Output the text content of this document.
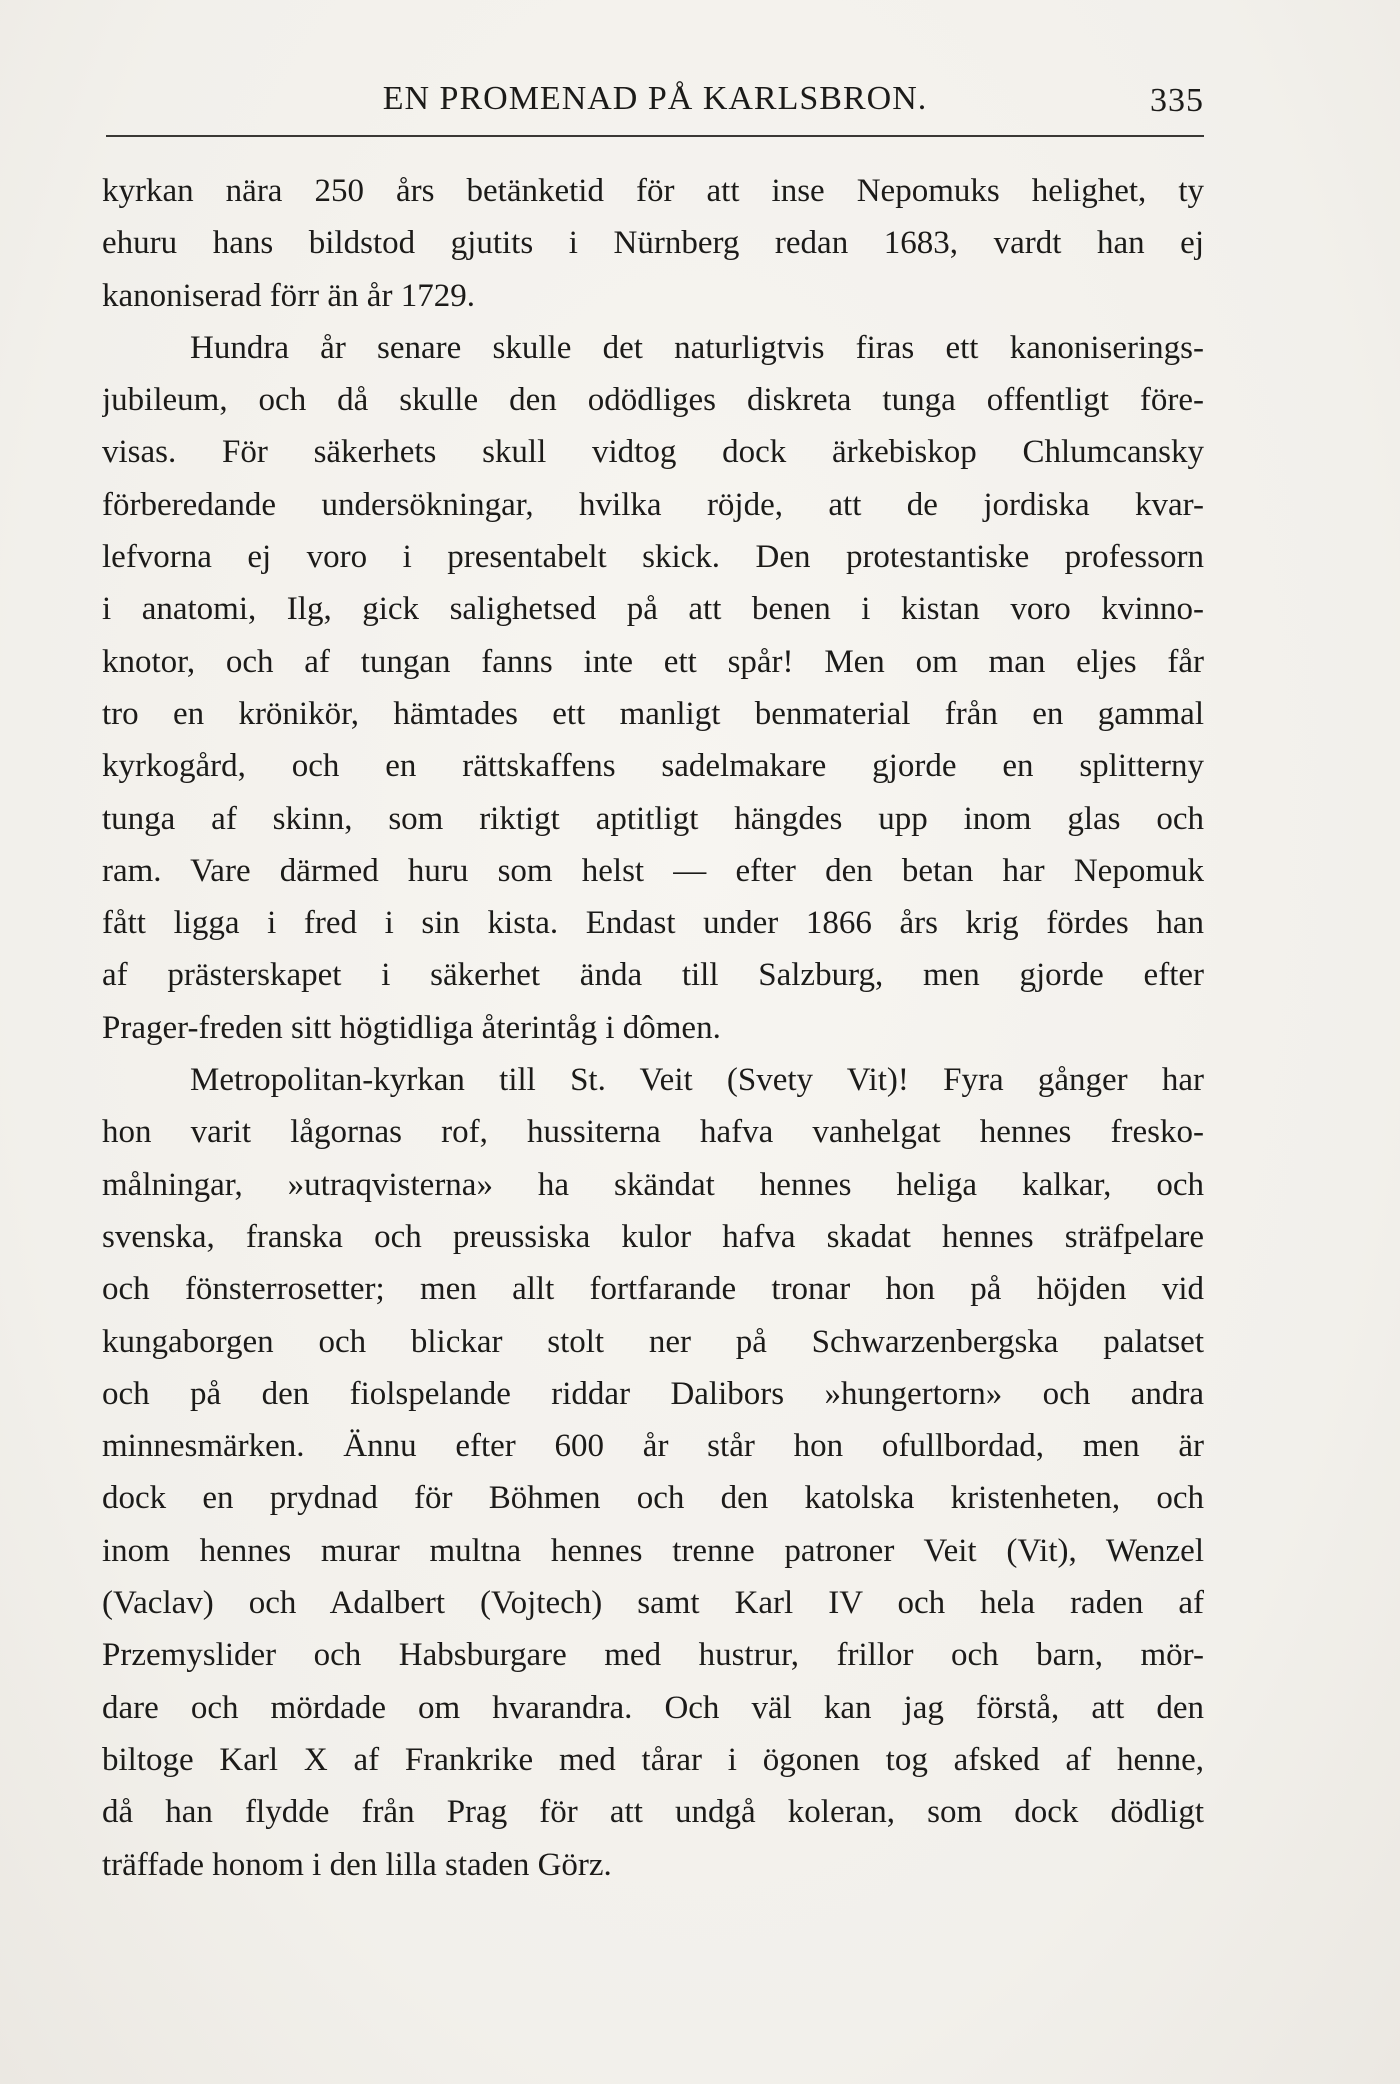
EN PROMENAD PÅ KARLSBRON.	335
kyrkan nära 250 års betänketid för att inse Nepomuks helighet, ty
ehuru hans bildstod gjutits i Nürnberg redan 1683, vardt han ej
kanoniserad förr än år 1729.
Hundra år senare skulle det naturligtvis firas ett kanoniserings-
jubileum, och då skulle den odödliges diskreta tunga offentligt före-
visas. För säkerhets skull vidtog dock ärkebiskop Chlumcansky
förberedande undersökningar, hvilka röjde, att de jordiska kvar-
lefvorna ej voro i presentabelt skick. Den protestantiske professorn
i anatomi, Ilg, gick salighetsed på att benen i kistan voro kvinno-
knotor, och af tungan fanns inte ett spår! Men om man eljes får
tro en krönikör, hämtades ett manligt benmaterial från en gammal
kyrkogård, och en rättskaffens sadelmakare gjorde en splitterny
tunga af skinn, som riktigt aptitligt hängdes upp inom glas och
ram. Vare därmed huru som helst — efter den betan har Nepomuk
fått ligga i fred i sin kista. Endast under 1866 års krig fördes han
af prästerskapet i säkerhet ända till Salzburg, men gjorde efter
Prager-freden sitt högtidliga återintåg i dômen.
Metropolitan-kyrkan till St. Veit (Svety Vit)! Fyra gånger har
hon varit lågornas rof, hussiterna hafva vanhelgat hennes fresko-
målningar, »utraqvisterna» ha skändat hennes heliga kalkar, och
svenska, franska och preussiska kulor hafva skadat hennes sträfpelare
och fönsterrosetter; men allt fortfarande tronar hon på höjden vid
kungaborgen och blickar stolt ner på Schwarzenbergska palatset
och på den fiolspelande riddar Dalibors »hungertorn» och andra
minnesmärken. Ännu efter 600 år står hon ofullbordad, men är
dock en prydnad för Böhmen och den katolska kristenheten, och
inom hennes murar multna hennes trenne patroner Veit (Vit), Wenzel
(Vaclav) och Adalbert (Vojtech) samt Karl IV och hela raden af
Przemyslider och Habsburgare med hustrur, frillor och barn, mör-
dare och mördade om hvarandra. Och väl kan jag förstå, att den
biltoge Karl X af Frankrike med tårar i ögonen tog afsked af henne,
då han flydde från Prag för att undgå koleran, som dock dödligt
träffade honom i den lilla staden Görz.
